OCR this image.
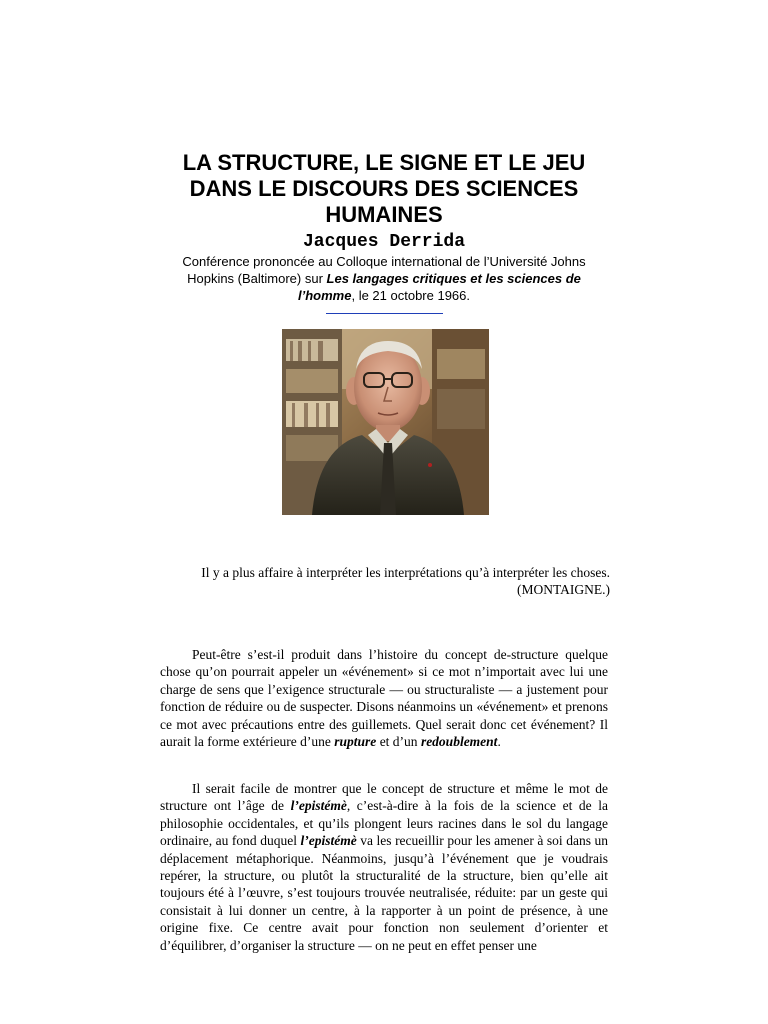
LA STRUCTURE, LE SIGNE ET LE JEU
DANS LE DISCOURS DES SCIENCES
HUMAINES

Jacques Derrida

Conférence prononcée au Colloque international de l’Université Johns Hopkins (Baltimore) sur Les langages critiques et les sciences de l’homme, le 21 octobre 1966.

Il y a plus affaire à interpréter les interprétations qu’à interpréter les choses. (MONTAIGNE.)

Peut-être s’est-il produit dans l’histoire du concept de-structure quelque chose qu’on pourrait appeler un «événement» si ce mot n’importait avec lui une charge de sens que l’exigence structurale — ou structuraliste — a justement pour fonction de réduire ou de suspecter. Disons néanmoins un «événement» et prenons ce mot avec précautions entre des guillemets. Quel serait donc cet événement? Il aurait la forme extérieure d’une rupture et d’un redoublement.

Il serait facile de montrer que le concept de structure et même le mot de structure ont l’âge de l’epistémè, c’est-à-dire à la fois de la science et de la philosophie occidentales, et qu’ils plongent leurs racines dans le sol du langage ordinaire, au fond duquel l’epistémè va les recueillir pour les amener à soi dans un déplacement métaphorique. Néanmoins, jusqu’à l’événement que je voudrais repérer, la structure, ou plutôt la structuralité de la structure, bien qu’elle ait toujours été à l’œuvre, s’est toujours trouvée neutralisée, réduite: par un geste qui consistait à lui donner un centre, à la rapporter à un point de présence, à une origine fixe. Ce centre avait pour fonction non seulement d’orienter et d’équilibrer, d’organiser la structure — on ne peut en effet penser une
